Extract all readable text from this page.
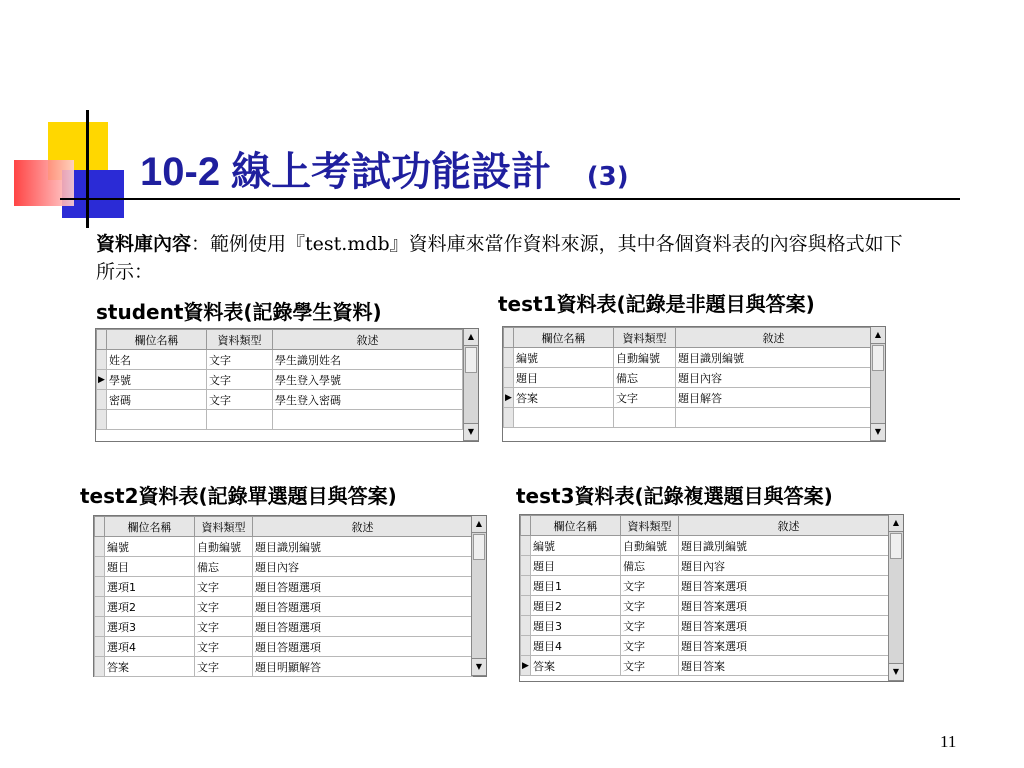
10-2 線上考試功能設計 (3)
資料庫內容：範例使用『test.mdb』資料庫來當作資料來源，其中各個資料表的內容與格式如下所示：
student資料表(記錄學生資料)	test1資料表(記錄是非題目與答案)
test2資料表(記錄單選題目與答案)	test3資料表(記錄複選題目與答案)
	欄位名稱	資料類型	敘述
	姓名	文字	學生識別姓名
▶	學號	文字	學生登入學號
	密碼	文字	學生登入密碼

▲
▼
	欄位名稱	資料類型	敘述
	編號	自動編號	題目識別編號
	題目	備忘	題目內容
▶	答案	文字	題目解答

▲
▼
	欄位名稱	資料類型	敘述
	編號	自動編號	題目識別編號
	題目	備忘	題目內容
	選項1	文字	題目答題選項
	選項2	文字	題目答題選項
	選項3	文字	題目答題選項
	選項4	文字	題目答題選項
	答案	文字	題目明顯解答
▲
▼
	欄位名稱	資料類型	敘述
	編號	自動編號	題目識別編號
	題目	備忘	題目內容
	題目1	文字	題目答案選項
	題目2	文字	題目答案選項
	題目3	文字	題目答案選項
	題目4	文字	題目答案選項
▶	答案	文字	題目答案
▲
▼
11
